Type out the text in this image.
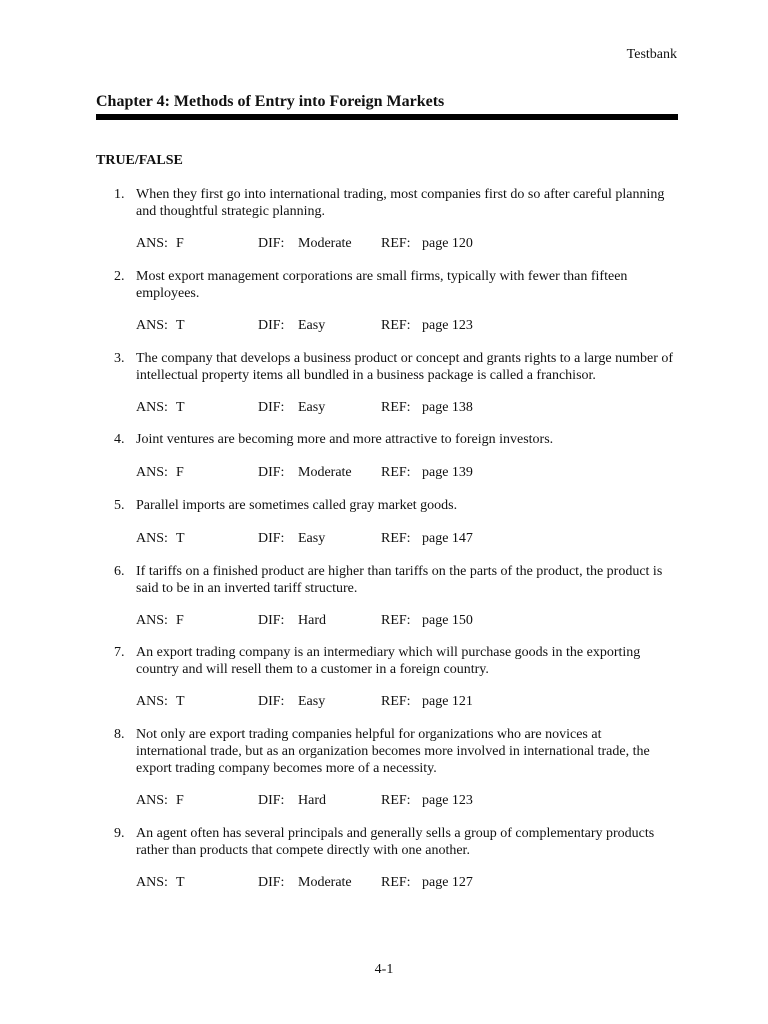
Testbank
Chapter 4: Methods of Entry into Foreign Markets
TRUE/FALSE
1. When they first go into international trading, most companies first do so after careful planning and thoughtful strategic planning.
ANS: F	DIF: Moderate REF: page 120
2. Most export management corporations are small firms, typically with fewer than fifteen employees.
ANS: T	DIF: Easy	REF: page 123
3. The company that develops a business product or concept and grants rights to a large number of intellectual property items all bundled in a business package is called a franchisor.
ANS: T	DIF: Easy	REF: page 138
4. Joint ventures are becoming more and more attractive to foreign investors.
ANS: F	DIF: Moderate REF: page 139
5. Parallel imports are sometimes called gray market goods.
ANS: T	DIF: Easy	REF: page 147
6. If tariffs on a finished product are higher than tariffs on the parts of the product, the product is said to be in an inverted tariff structure.
ANS: F	DIF: Hard	REF: page 150
7. An export trading company is an intermediary which will purchase goods in the exporting country and will resell them to a customer in a foreign country.
ANS: T	DIF: Easy	REF: page 121
8. Not only are export trading companies helpful for organizations who are novices at international trade, but as an organization becomes more involved in international trade, the export trading company becomes more of a necessity.
ANS: F	DIF: Hard	REF: page 123
9. An agent often has several principals and generally sells a group of complementary products rather than products that compete directly with one another.
ANS: T	DIF: Moderate REF: page 127
4-1
